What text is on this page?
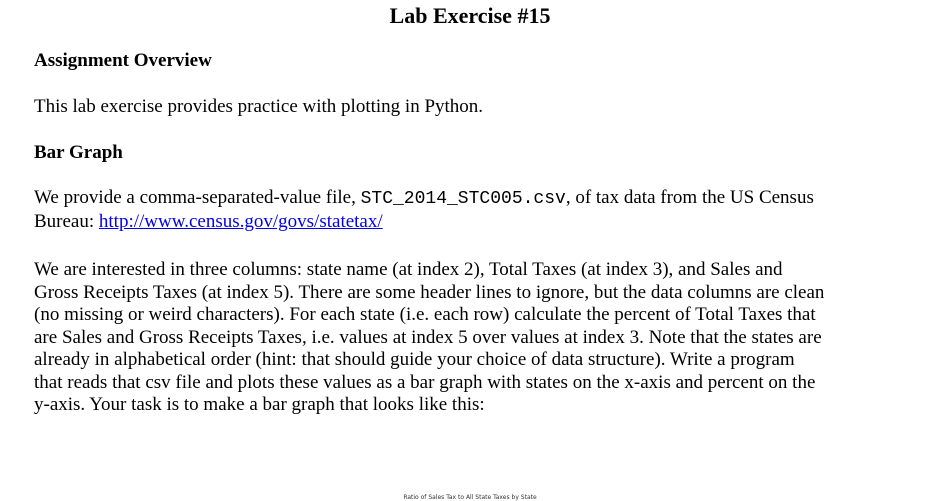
Lab Exercise #15
Assignment Overview
This lab exercise provides practice with plotting in Python.
Bar Graph
We provide a comma-separated-value file, STC_2014_STC005.csv, of tax data from the US Census
Bureau: http://www.census.gov/govs/statetax/
We are interested in three columns: state name (at index 2), Total Taxes (at index 3), and Sales and
Gross Receipts Taxes (at index 5). There are some header lines to ignore, but the data columns are clean
(no missing or weird characters). For each state (i.e. each row) calculate the percent of Total Taxes that
are Sales and Gross Receipts Taxes, i.e. values at index 5 over values at index 3. Note that the states are
already in alphabetical order (hint: that should guide your choice of data structure). Write a program
that reads that csv file and plots these values as a bar graph with states on the x-axis and percent on the
y-axis. Your task is to make a bar graph that looks like this:
Ratio of Sales Tax to All State Taxes by State
